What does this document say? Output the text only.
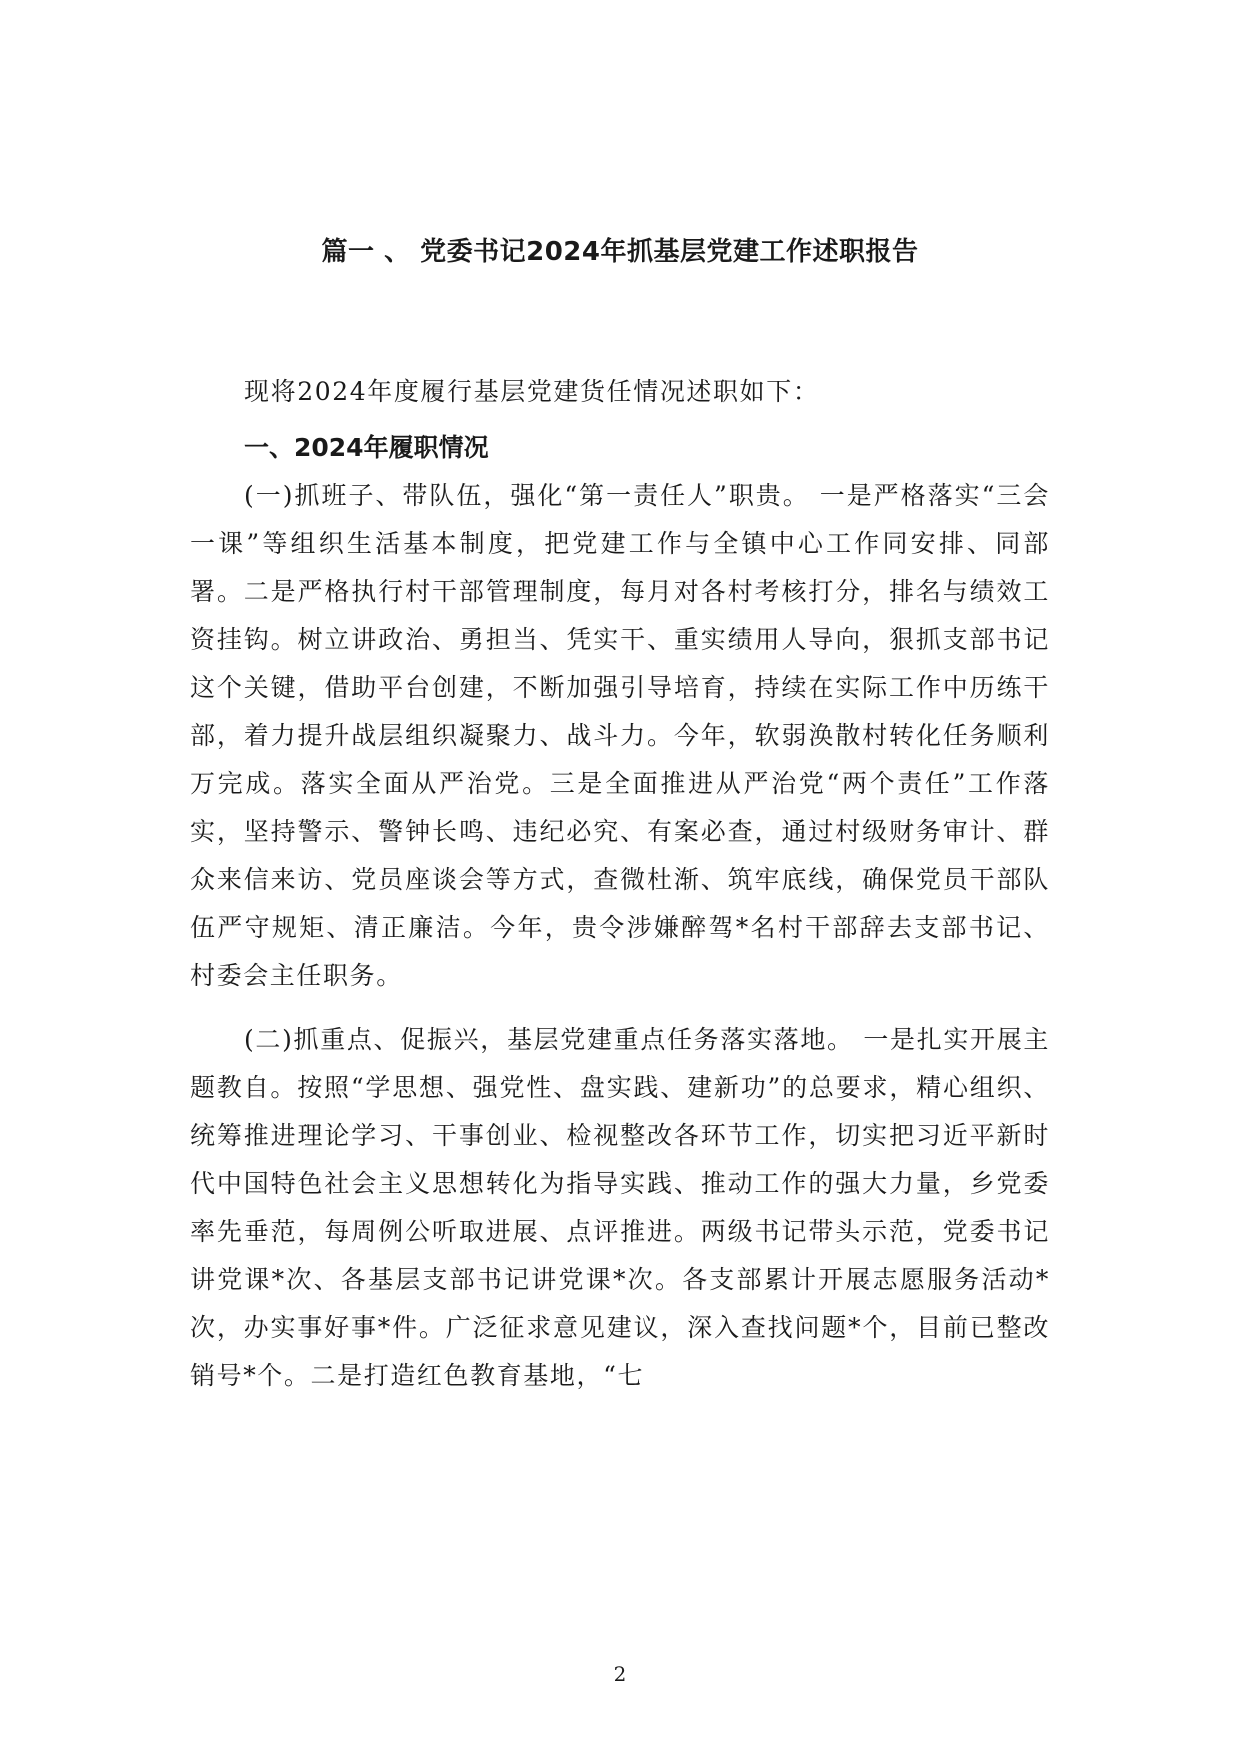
篇一 、 党委书记2024年抓基层党建工作述职报告
现将2024年度履行基层党建货任情况述职如下：
一、2024年履职情况
(一)抓班子、带队伍，强化“第一责任人”职贵。 一是严格落实“三会一课”等组织生活基本制度，把党建工作与全镇中心工作同安排、同部署。二是严格执行村干部管理制度，每月对各村考核打分，排名与绩效工资挂钩。树立讲政治、勇担当、凭实干、重实绩用人导向，狠抓支部书记这个关键，借助平台创建，不断加强引导培育，持续在实际工作中历练干部，着力提升战层组织凝聚力、战斗力。今年，软弱涣散村转化任务顺利万完成。落实全面从严治党。三是全面推进从严治党“两个责任”工作落实，坚持警示、警钟长鸣、违纪必究、有案必查，通过村级财务审计、群众来信来访、党员座谈会等方式，查微杜渐、筑牢底线，确保党员干部队伍严守规矩、清正廉洁。今年，贵令涉嫌醉驾*名村干部辞去支部书记、村委会主任职务。
(二)抓重点、促振兴，基层党建重点任务落实落地。 一是扎实开展主题教自。按照“学思想、强党性、盘实践、建新功”的总要求，精心组织、统筹推进理论学习、干事创业、检视整改各环节工作，切实把习近平新时代中国特色社会主义思想转化为指导实践、推动工作的强大力量，乡党委率先垂范，每周例公听取进展、点评推进。两级书记带头示范，党委书记讲党课*次、各基层支部书记讲党课*次。各支部累计开展志愿服务活动*次，办实事好事*件。广泛征求意见建议，深入查找问题*个，目前已整改销号*个。二是打造红色教育基地，“七
2
